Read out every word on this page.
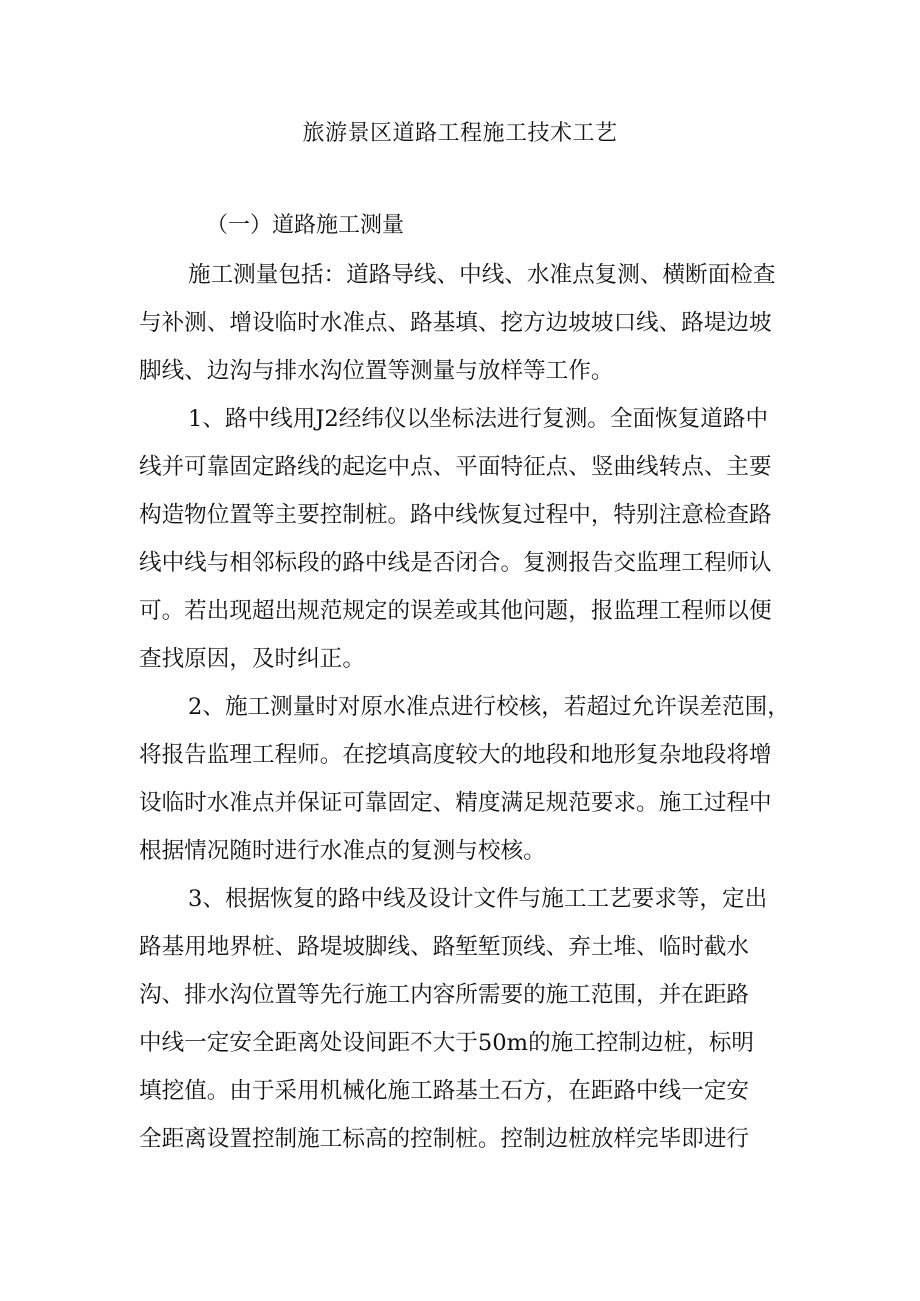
旅游景区道路工程施工技术工艺
（一）道路施工测量
施工测量包括：道路导线、中线、水准点复测、横断面检查
与补测、增设临时水准点、路基填、挖方边坡坡口线、路堤边坡
脚线、边沟与排水沟位置等测量与放样等工作。
1、路中线用J2经纬仪以坐标法进行复测。全面恢复道路中
线并可靠固定路线的起迄中点、平面特征点、竖曲线转点、主要
构造物位置等主要控制桩。路中线恢复过程中，特别注意检查路
线中线与相邻标段的路中线是否闭合。复测报告交监理工程师认
可。若出现超出规范规定的误差或其他问题，报监理工程师以便
查找原因，及时纠正。
2、施工测量时对原水准点进行校核，若超过允许误差范围，
将报告监理工程师。在挖填高度较大的地段和地形复杂地段将增
设临时水准点并保证可靠固定、精度满足规范要求。施工过程中
根据情况随时进行水准点的复测与校核。
3、根据恢复的路中线及设计文件与施工工艺要求等，定出
路基用地界桩、路堤坡脚线、路堑堑顶线、弃土堆、临时截水
沟、排水沟位置等先行施工内容所需要的施工范围，并在距路
中线一定安全距离处设间距不大于50m的施工控制边桩，标明
填挖值。由于采用机械化施工路基土石方，在距路中线一定安
全距离设置控制施工标高的控制桩。控制边桩放样完毕即进行
